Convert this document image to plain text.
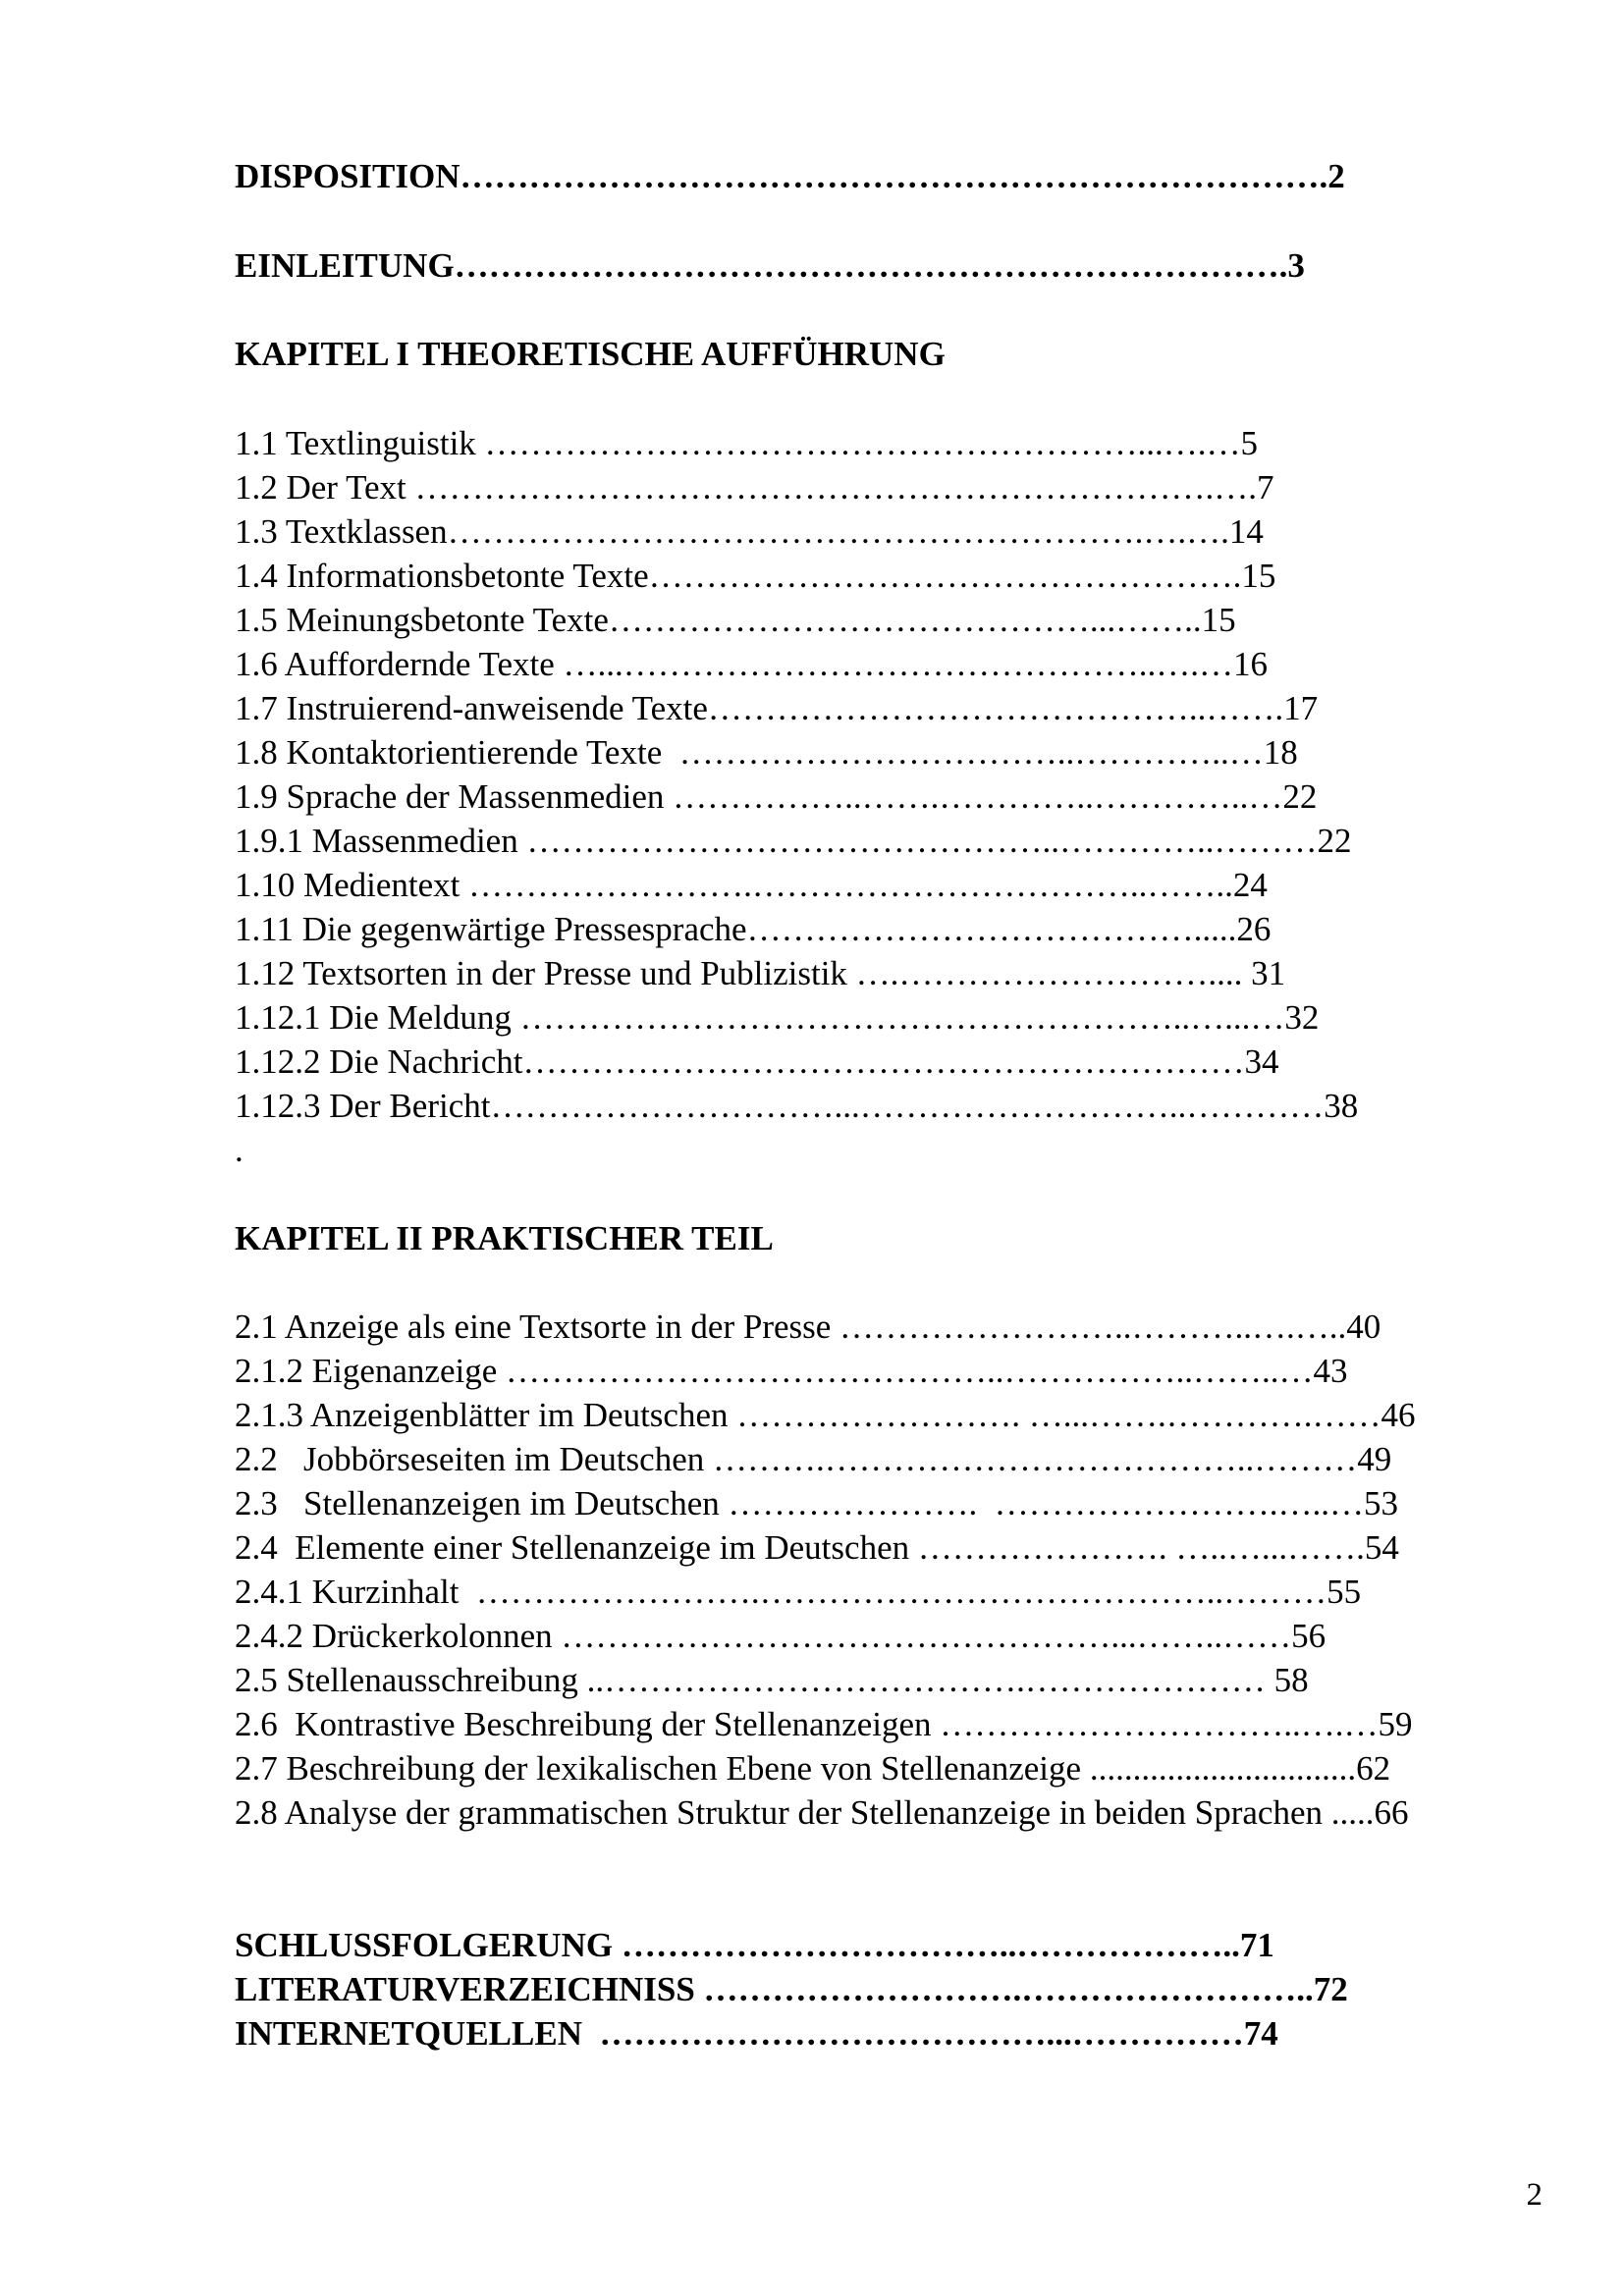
DISPOSITION………………………………………………………………….2
EINLEITUNG……………………………………………………………….3
KAPITEL I THEORETISCHE AUFFÜHRUNG
1.1 Textlinguistik …………………………………………………...….…5
1.2 Der Text …………………………………………………………….….7
1.3 Textklassen…………………………………………………….….….14
1.4 Informationsbetonte Texte…………………………………………….15
1.5 Meinungsbetonte Texte……………………………………...……..15
1.6 Auffordernde Texte …...………………………………………..….…16
1.7 Instruierend-anweisende Texte……………………………………..…….17
1.8 Kontaktorientierende Texte  ……………………………..…………..…18
1.9 Sprache der Massenmedien ……………..…….…………..…………..…22
1.9.1 Massenmedien ………………………………………..…………..………22
1.10 Medientext …………………….……………………………..……..24
1.11 Die gegenwärtige Pressesprache………………………………….....26
1.12 Textsorten in der Presse und Publizistik ….……………………….... 31
1.12.1 Die Meldung …………………………………………………..…...…32
1.12.2 Die Nachricht………………………………………………………34
1.12.3 Der Bericht…………………………...………………………..…………38
.
KAPITEL II PRAKTISCHER TEIL
2.1 Anzeige als eine Textsorte in der Presse ……………………..………..….…..40
2.1.2 Eigenanzeige ……………………………………..……………..……..…43
2.1.3 Anzeigenblätter im Deutschen ……………………. …...…….………….……46
2.2   Jobbörseseiten im Deutschen ……….………………………………..………49
2.3   Stellenanzeigen im Deutschen ………………….  …………………….…..…53
2.4  Elemente einer Stellenanzeige im Deutschen …………………. …..…...…….54
2.4.1 Kurzinhalt  …………………….…………………………………..………55
2.4.2 Drückerkolonnen …………………………………………...……..……56
2.5 Stellenausschreibung ..……………………………….………………… 58
2.6  Kontrastive Beschreibung der Stellenanzeigen …………………………..….…59
2.7 Beschreibung der lexikalischen Ebene von Stellenanzeige ...............................62
2.8 Analyse der grammatischen Struktur der Stellenanzeige in beiden Sprachen .....66
SCHLUSSFOLGERUNG ……………………………..………………..71
LITERATURVERZEICHNISS ……………………….……………………..72
INTERNETQUELLEN  …………………………………...……………74
2
